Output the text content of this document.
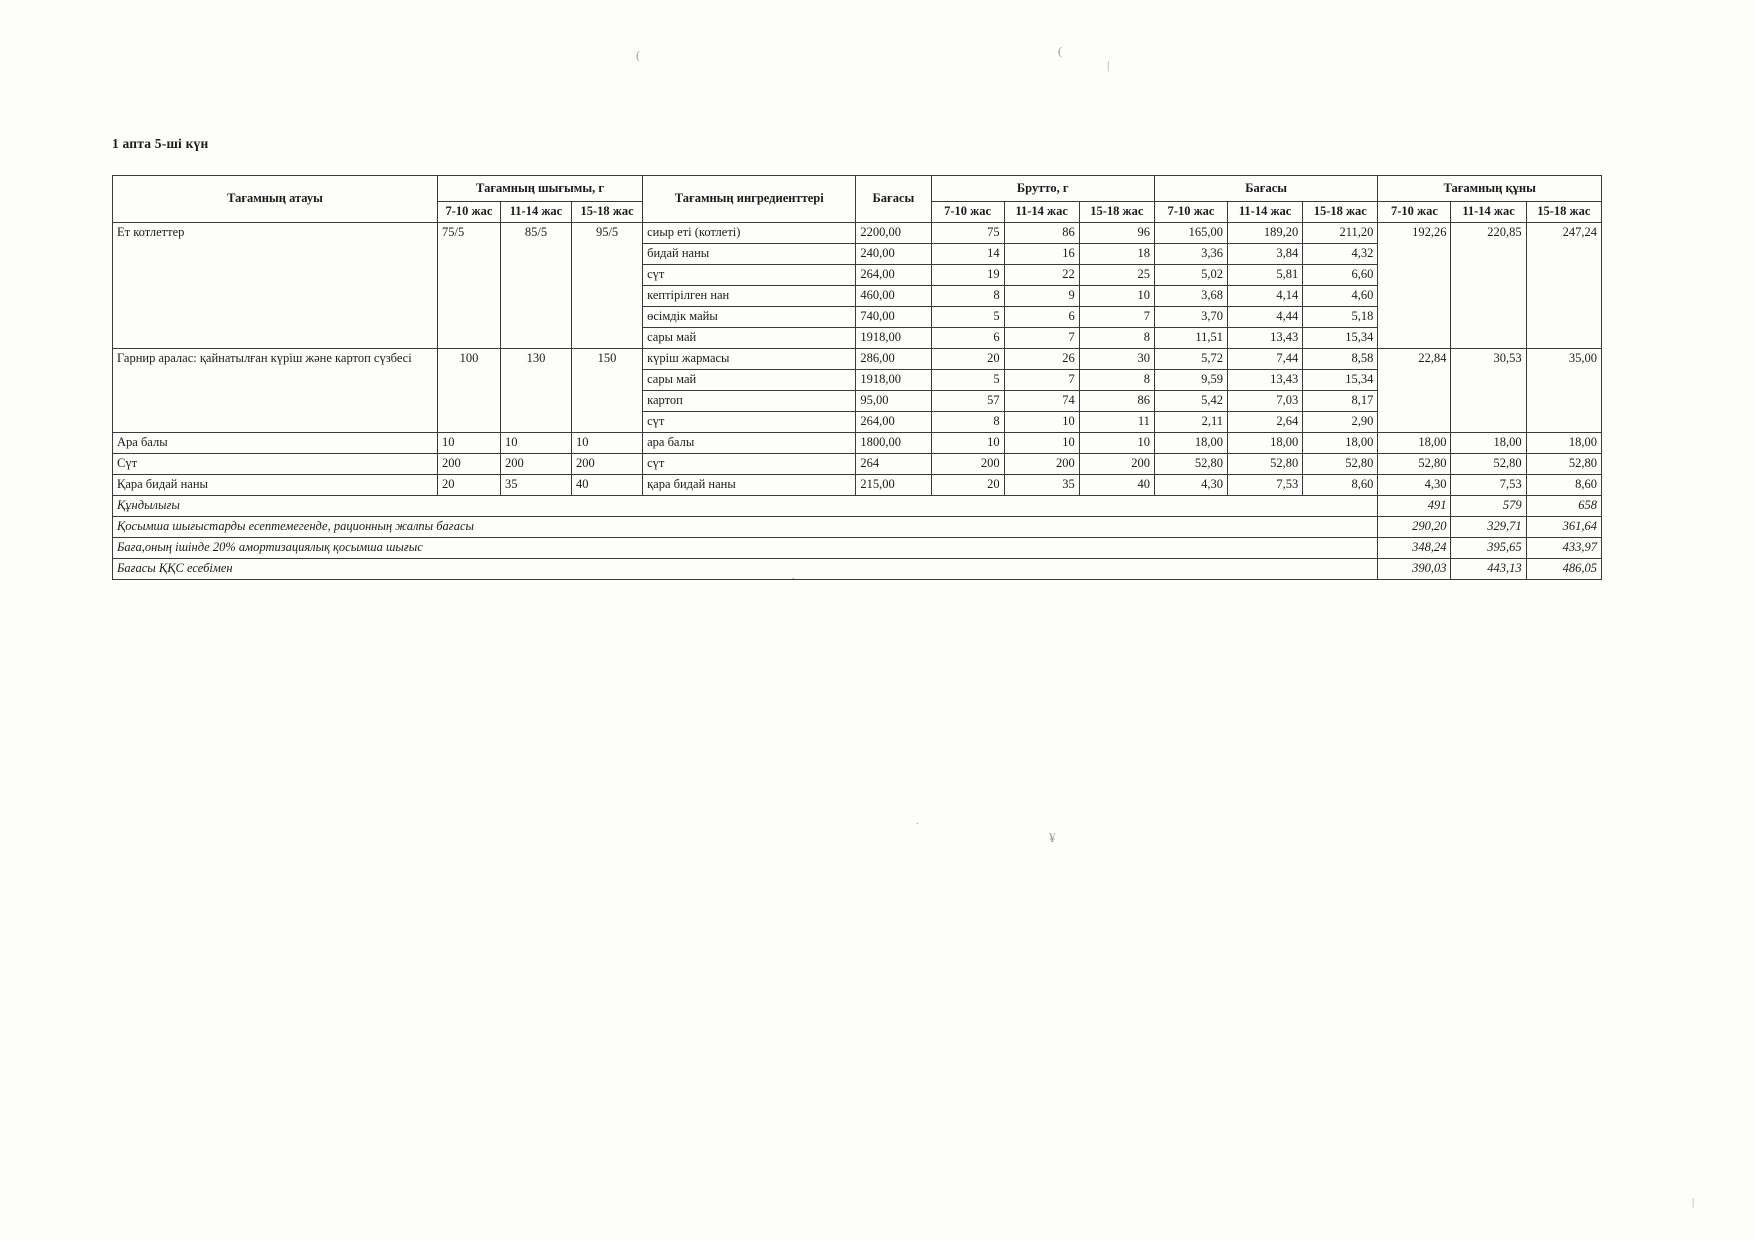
1 апта 5-ші күн
(	(
|
.
¥
|
.
Тағамның атауы	Тағамның шығымы, г			Тағамның ингредиенттері	Бағасы	Брутто, г			Бағасы			Тағамның құны		
	7-10 жас	11-14 жас	15-18 жас			7-10 жас	11-14 жас	15-18 жас	7-10 жас	11-14 жас	15-18 жас	7-10 жас	11-14 жас	15-18 жас
Ет котлеттер	75/5	85/5	95/5	сиыр еті (котлеті)	2200,00	75	86	96	165,00	189,20	211,20	192,26	220,85	247,24
				бидай наны	240,00	14	16	18	3,36	3,84	4,32			
				сүт	264,00	19	22	25	5,02	5,81	6,60			
				кептірілген нан	460,00	8	9	10	3,68	4,14	4,60			
				өсімдік майы	740,00	5	6	7	3,70	4,44	5,18			
				сары май	1918,00	6	7	8	11,51	13,43	15,34			
Гарнир аралас: қайнатылған күріш және картоп сүзбесі	100	130	150	күріш жармасы	286,00	20	26	30	5,72	7,44	8,58	22,84	30,53	35,00
				сары май	1918,00	5	7	8	9,59	13,43	15,34			
				картоп	95,00	57	74	86	5,42	7,03	8,17			
				сүт	264,00	8	10	11	2,11	2,64	2,90			
Ара балы	10	10	10	ара балы	1800,00	10	10	10	18,00	18,00	18,00	18,00	18,00	18,00
Сүт	200	200	200	сүт	264	200	200	200	52,80	52,80	52,80	52,80	52,80	52,80
Қара бидай наны	20	35	40	қара бидай наны	215,00	20	35	40	4,30	7,53	8,60	4,30	7,53	8,60
Құндылығы												491	579	658
Қосымша шығыстарды есептемегенде, рационның жалпы бағасы												290,20	329,71	361,64
Баға,оның ішінде 20% амортизациялық қосымша шығыс												348,24	395,65	433,97
Бағасы ҚҚС есебімен												390,03	443,13	486,05
